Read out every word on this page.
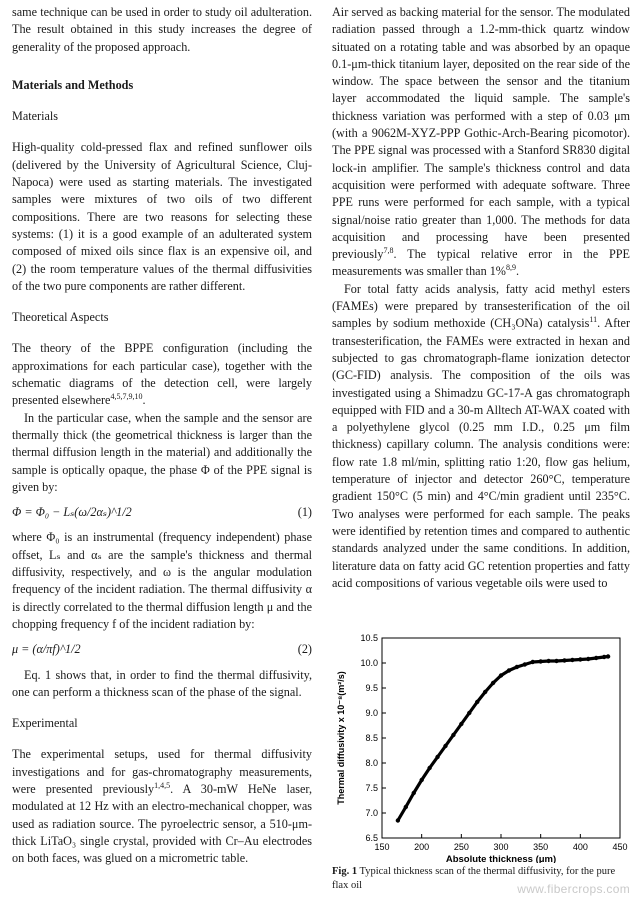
same technique can be used in order to study oil adulteration. The result obtained in this study increases the degree of generality of the proposed approach.

Materials and Methods

Materials

High-quality cold-pressed flax and refined sunflower oils (delivered by the University of Agricultural Science, Cluj-Napoca) were used as starting materials. The investigated samples were mixtures of two oils of two different compositions. There are two reasons for selecting these systems: (1) it is a good example of an adulterated system composed of mixed oils since flax is an expensive oil, and (2) the room temperature values of the thermal diffusivities of the two pure components are rather different.

Theoretical Aspects

The theory of the BPPE configuration (including the approximations for each particular case), together with the schematic diagrams of the detection cell, were largely presented elsewhere$^{4,5,7,9,10}$.

In the particular case, when the sample and the sensor are thermally thick (the geometrical thickness is larger than the thermal diffusion length in the material) and additionally the sample is optically opaque, the phase Φ of the PPE signal is given by:

Φ = Φ₀ − Lₛ(ω/2αₛ)^1/2	(1)

where Φ₀ is an instrumental (frequency independent) phase offset, Lₛ and αₛ are the sample's thickness and thermal diffusivity, respectively, and ω is the angular modulation frequency of the incident radiation. The thermal diffusivity α is directly correlated to the thermal diffusion length μ and the chopping frequency f of the incident radiation by:

μ = (α/πf)^1/2	(2)

Eq. 1 shows that, in order to find the thermal diffusivity, one can perform a thickness scan of the phase of the signal.

Experimental

The experimental setups, used for thermal diffusivity investigations and for gas-chromatography measurements, were presented previously$^{1,4,5}$. A 30-mW HeNe laser, modulated at 12 Hz with an electro-mechanical chopper, was used as radiation source. The pyroelectric sensor, a 510-μm-thick LiTaO₃ single crystal, provided with Cr–Au electrodes on both faces, was glued on a micrometric table.

Air served as backing material for the sensor. The modulated radiation passed through a 1.2-mm-thick quartz window situated on a rotating table and was absorbed by an opaque 0.1-μm-thick titanium layer, deposited on the rear side of the window. The space between the sensor and the titanium layer accommodated the liquid sample. The sample's thickness variation was performed with a step of 0.03 μm (with a 9062M-XYZ-PPP Gothic-Arch-Bearing picomotor). The PPE signal was processed with a Stanford SR830 digital lock-in amplifier. The sample's thickness control and data acquisition were performed with adequate software. Three PPE runs were performed for each sample, with a typical signal/noise ratio greater than 1,000. The methods for data acquisition and processing have been presented previously$^{7,8}$. The typical relative error in the PPE measurements was smaller than 1%$^{8,9}$.

For total fatty acids analysis, fatty acid methyl esters (FAMEs) were prepared by transesterification of the oil samples by sodium methoxide (CH₃ONa) catalysis$^{11}$. After transesterification, the FAMEs were extracted in hexan and subjected to gas chromatograph-flame ionization detector (GC-FID) analysis. The composition of the oils was investigated using a Shimadzu GC-17-A gas chromatograph equipped with FID and a 30-m Alltech AT-WAX coated with a polyethylene glycol (0.25 mm I.D., 0.25 μm film thickness) capillary column. The analysis conditions were: flow rate 1.8 ml/min, splitting ratio 1:20, flow gas helium, temperature of injector and detector 260°C, temperature gradient 150°C (5 min) and 4°C/min gradient until 235°C. Two analyses were performed for each sample. The peaks were identified by retention times and compared to authentic standards analyzed under the same conditions. In addition, literature data on fatty acid GC retention properties and fatty acid compositions of various vegetable oils were used to

150	200	250	300	350	400	450
6.5
7.0
7.5
8.0
8.5
9.0
9.5
10.0
10.5
Absolute thickness (μm)
Thermal diffusivity x 10⁻⁸(m²/s)
Fig. 1 Typical thickness scan of the thermal diffusivity, for the pure flax oil	www.fibercrops.com
